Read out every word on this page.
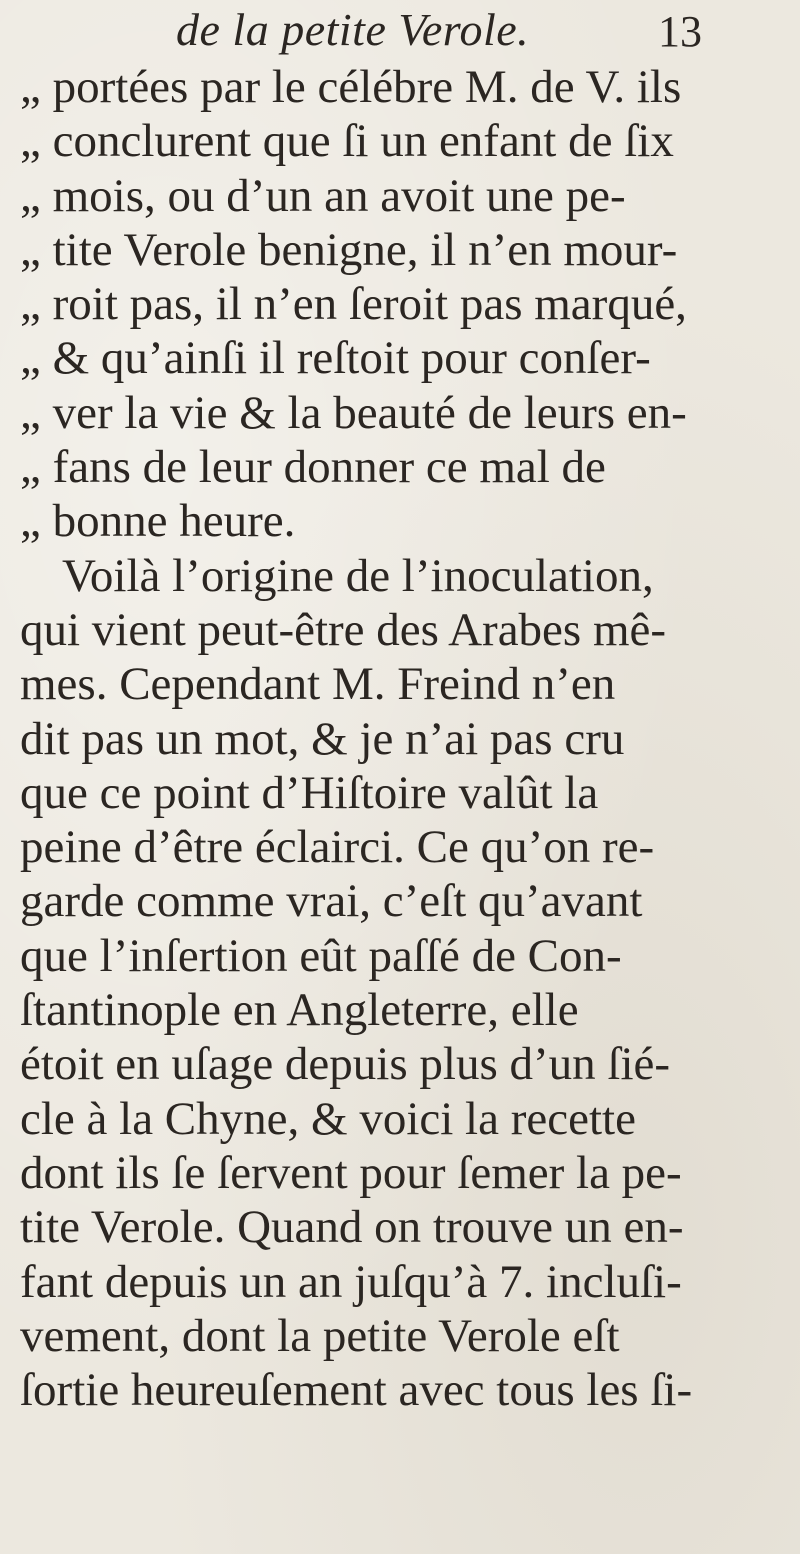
de la petite Verole.	13
„ portées par le célébre M. de V. ils
„ conclurent que ſi un enfant de ſix
„ mois, ou d’un an avoit une pe-
„ tite Verole benigne, il n’en mour-
„ roit pas, il n’en ſeroit pas marqué,
„ & qu’ainſi il reſtoit pour conſer-
„ ver la vie & la beauté de leurs en-
„ fans de leur donner ce mal de
„ bonne heure.
Voilà l’origine de l’inoculation,
qui vient peut-être des Arabes mê-
mes. Cependant M. Freind n’en
dit pas un mot, & je n’ai pas cru
que ce point d’Hiſtoire valût la
peine d’être éclairci. Ce qu’on re-
garde comme vrai, c’eſt qu’avant
que l’inſertion eût paſſé de Con-
ſtantinople en Angleterre, elle
étoit en uſage depuis plus d’un ſié-
cle à la Chyne, & voici la recette
dont ils ſe ſervent pour ſemer la pe-
tite Verole. Quand on trouve un en-
fant depuis un an juſqu’à 7. incluſi-
vement, dont la petite Verole eſt
ſortie heureuſement avec tous les ſi-
